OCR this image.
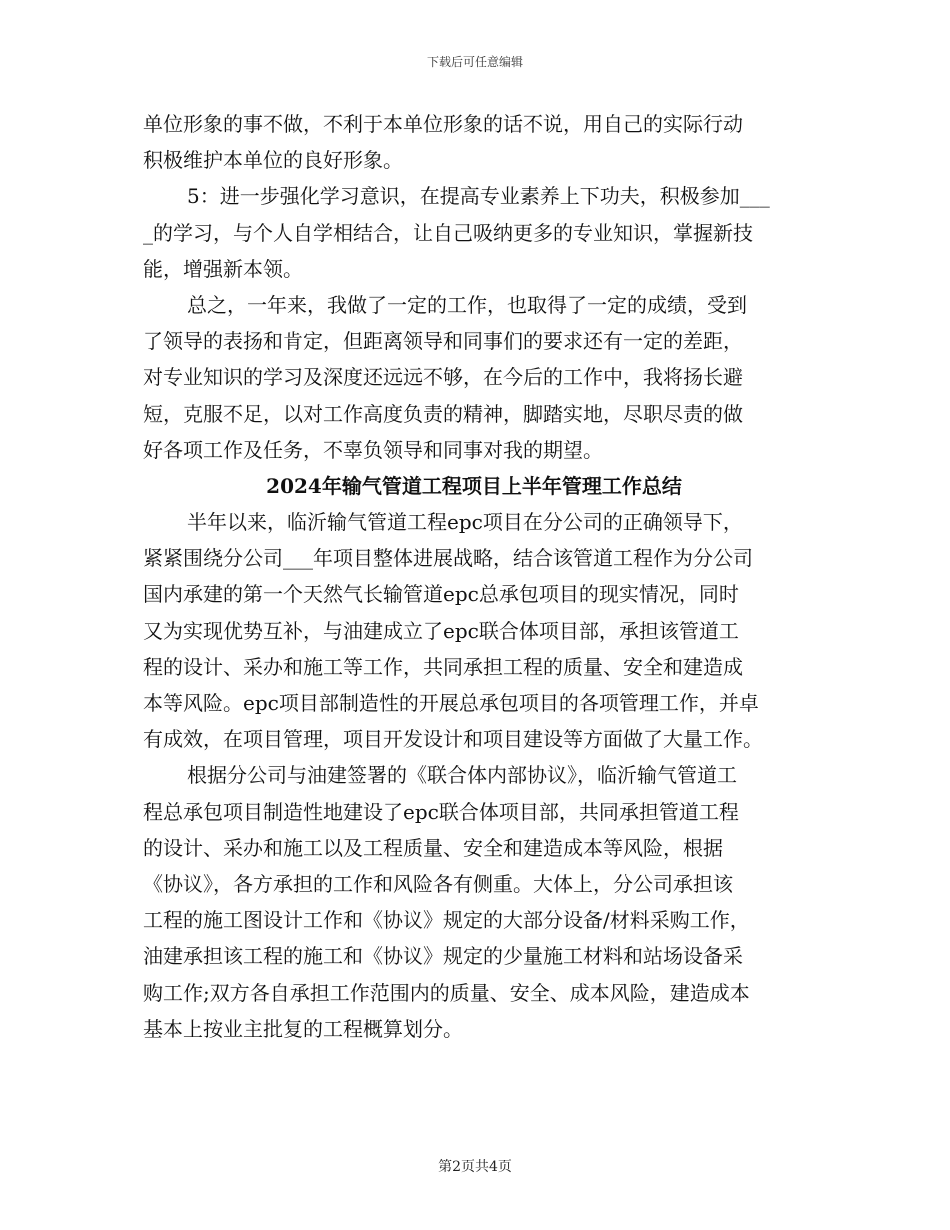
下载后可任意编辑
单位形象的事不做，不利于本单位形象的话不说，用自己的实际行动
积极维护本单位的良好形象。
5：进一步强化学习意识，在提高专业素养上下功夫，积极参加___
_的学习，与个人自学相结合，让自己吸纳更多的专业知识，掌握新技
能，增强新本领。
总之，一年来，我做了一定的工作，也取得了一定的成绩，受到
了领导的表扬和肯定，但距离领导和同事们的要求还有一定的差距，
对专业知识的学习及深度还远远不够，在今后的工作中，我将扬长避
短，克服不足，以对工作高度负责的精神，脚踏实地，尽职尽责的做
好各项工作及任务，不辜负领导和同事对我的期望。
2024年输气管道工程项目上半年管理工作总结
半年以来，临沂输气管道工程epc项目在分公司的正确领导下，
紧紧围绕分公司___年项目整体进展战略，结合该管道工程作为分公司
国内承建的第一个天然气长输管道epc总承包项目的现实情况，同时
又为实现优势互补，与油建成立了epc联合体项目部，承担该管道工
程的设计、采办和施工等工作，共同承担工程的质量、安全和建造成
本等风险。epc项目部制造性的开展总承包项目的各项管理工作，并卓
有成效，在项目管理，项目开发设计和项目建设等方面做了大量工作。
根据分公司与油建签署的《联合体内部协议》，临沂输气管道工
程总承包项目制造性地建设了epc联合体项目部，共同承担管道工程
的设计、采办和施工以及工程质量、安全和建造成本等风险，根据
《协议》，各方承担的工作和风险各有侧重。大体上，分公司承担该
工程的施工图设计工作和《协议》规定的大部分设备/材料采购工作，
油建承担该工程的施工和《协议》规定的少量施工材料和站场设备采
购工作;双方各自承担工作范围内的质量、安全、成本风险，建造成本
基本上按业主批复的工程概算划分。
第2页共4页
